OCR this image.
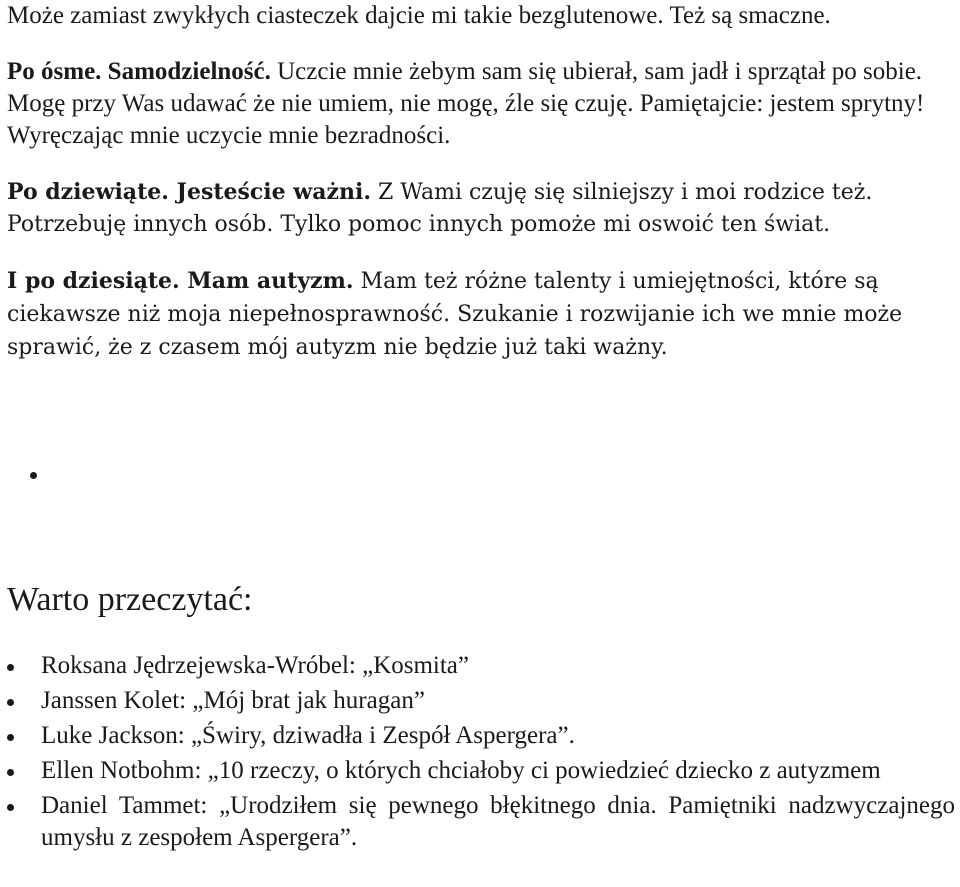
Może zamiast zwykłych ciasteczek dajcie mi takie bezglutenowe. Też są smaczne.

Po ósme. Samodzielność. Uczcie mnie żebym sam się ubierał, sam jadł i sprzątał po sobie. Mogę przy Was udawać że nie umiem, nie mogę, źle się czuję. Pamiętajcie: jestem sprytny! Wyręczając mnie uczycie mnie bezradności.

Po dziewiąte. Jesteście ważni. Z Wami czuję się silniejszy i moi rodzice też. Potrzebuję innych osób. Tylko pomoc innych pomoże mi oswoić ten świat.

I po dziesiąte. Mam autyzm. Mam też różne talenty i umiejętności, które są ciekawsze niż moja niepełnosprawność. Szukanie i rozwijanie ich we mnie może sprawić, że z czasem mój autyzm nie będzie już taki ważny.

Warto przeczytać:
Roksana Jędrzejewska-Wróbel: „Kosmita”
Janssen Kolet: „Mój brat jak huragan”
Luke Jackson: „Świry, dziwadła i Zespół Aspergera”.
Ellen Notbohm: „10 rzeczy, o których chciałoby ci powiedzieć dziecko z autyzmem
Daniel Tammet: „Urodziłem się pewnego błękitnego dnia. Pamiętniki nadzwyczajnego umysłu z zespołem Aspergera”.
